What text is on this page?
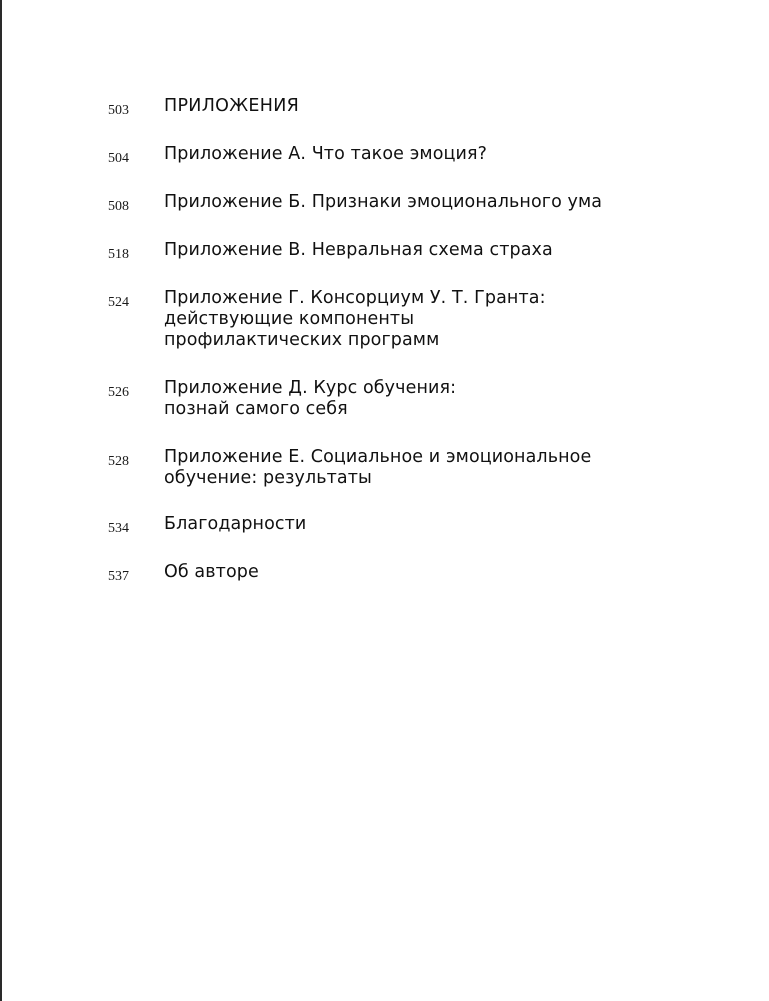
503	ПРИЛОЖЕНИЯ
504	Приложение А. Что такое эмоция?
508	Приложение Б. Признаки эмоционального ума
518	Приложение В. Невральная схема страха
524	Приложение Г. Консорциум У. Т. Гранта:
действующие компоненты
профилактических программ
526	Приложение Д. Курс обучения:
познай самого себя
528	Приложение Е. Социальное и эмоциональное
обучение: результаты
534	Благодарности
537	Об авторе
